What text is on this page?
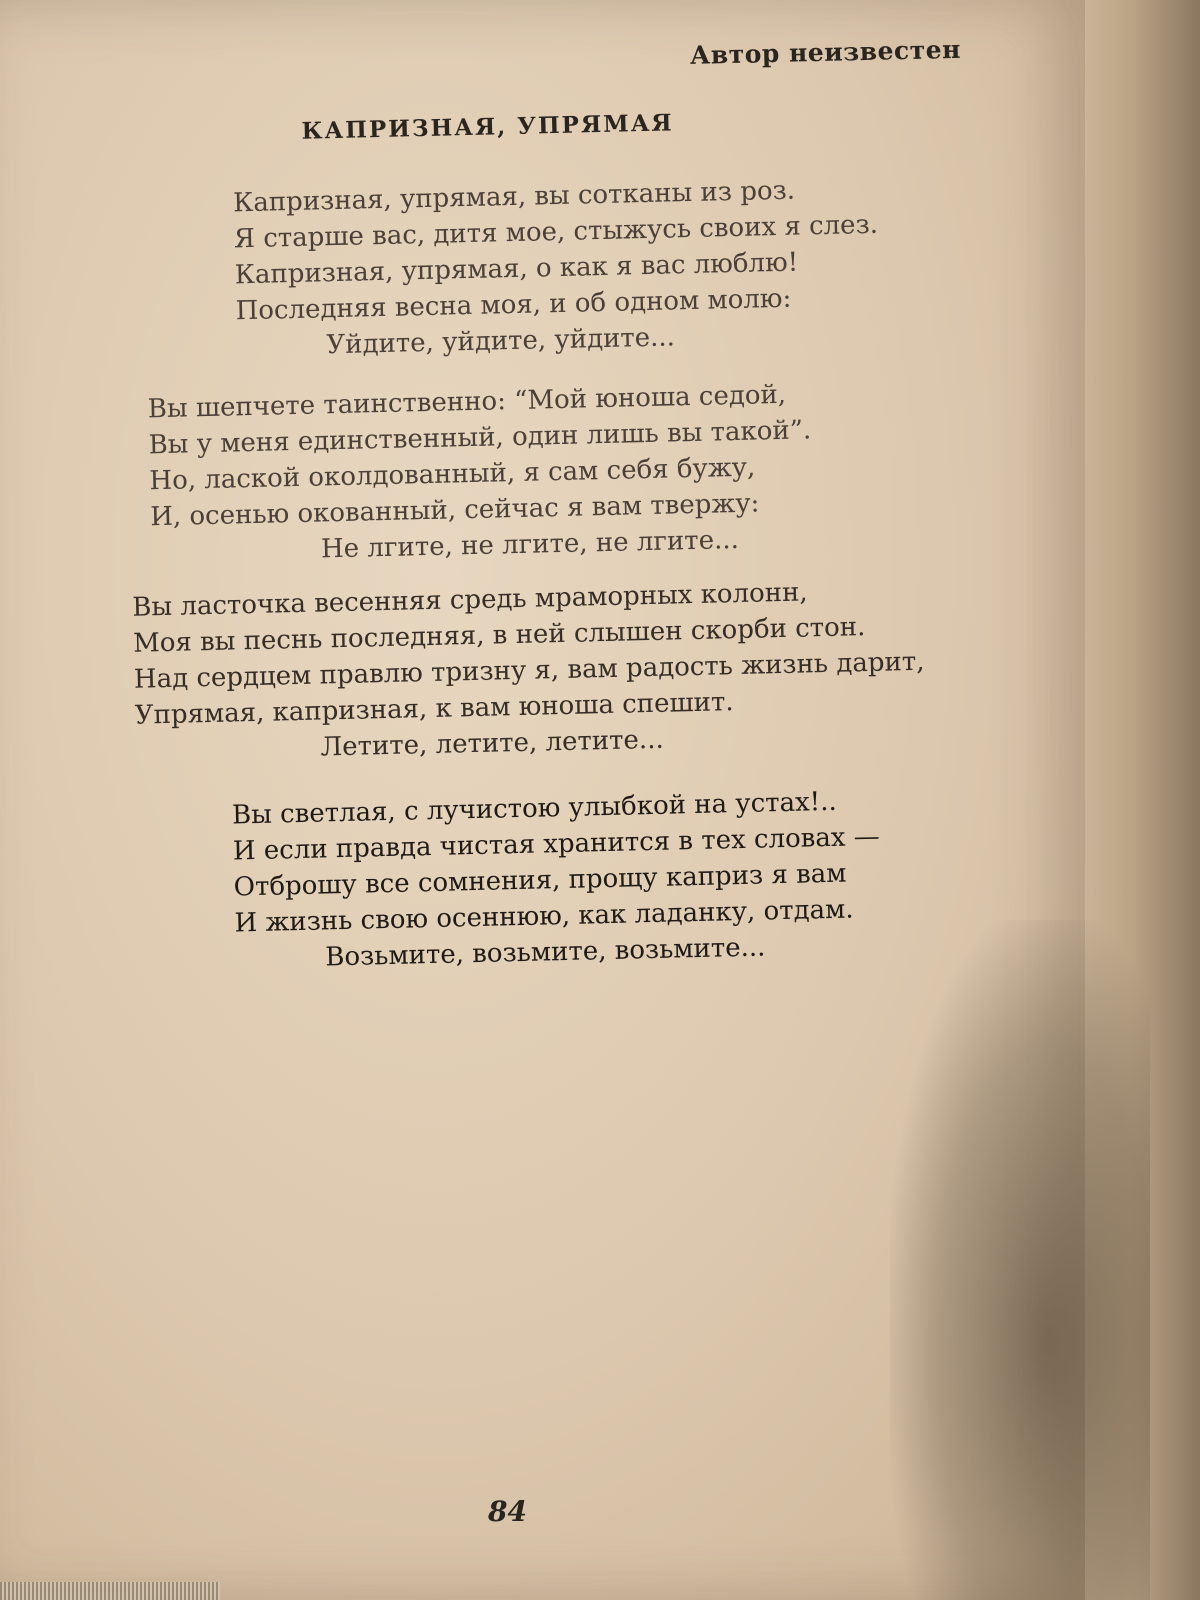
Автор неизвестен
КАПРИЗНАЯ, УПРЯМАЯ
Капризная, упрямая, вы сотканы из роз.
Я старше вас, дитя мое, стыжусь своих я слез.
Капризная, упрямая, о как я вас люблю!
Последняя весна моя, и об одном молю:
Уйдите, уйдите, уйдите...
Вы шепчете таинственно: “Мой юноша седой,
Вы у меня единственный, один лишь вы такой”.
Но, лаской околдованный, я сам себя бужу,
И, осенью окованный, сейчас я вам твержу:
Не лгите, не лгите, не лгите...
Вы ласточка весенняя средь мраморных колонн,
Моя вы песнь последняя, в ней слышен скорби стон.
Над сердцем правлю тризну я, вам радость жизнь дарит,
Упрямая, капризная, к вам юноша спешит.
Летите, летите, летите...
Вы светлая, с лучистою улыбкой на устах!..
И если правда чистая хранится в тех словах —
Отброшу все сомнения, прощу каприз я вам
И жизнь свою осеннюю, как ладанку, отдам.
Возьмите, возьмите, возьмите...
84
